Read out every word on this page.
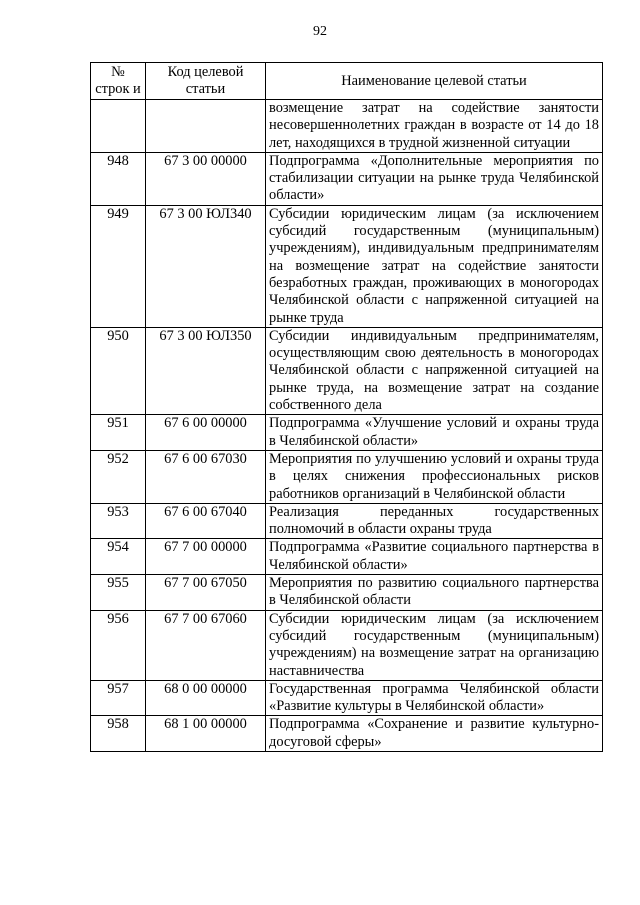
92
№ строк и	Код целевой статьи	Наименование целевой статьи
		возмещение затрат на содействие занятости несовершеннолетних граждан в возрасте от 14 до 18 лет, находящихся в трудной жизненной ситуации
948	67 3 00 00000	Подпрограмма «Дополнительные мероприятия по стабилизации ситуации на рынке труда Челябинской области»
949	67 3 00 ЮЛ340	Субсидии юридическим лицам (за исключением субсидий государственным (муниципальным) учреждениям), индивидуальным предпринимателям на возмещение затрат на содействие занятости безработных граждан, проживающих в моногородах Челябинской области с напряженной ситуацией на рынке труда
950	67 3 00 ЮЛ350	Субсидии индивидуальным предпринимателям, осуществляющим свою деятельность в моногородах Челябинской области с напряженной ситуацией на рынке труда, на возмещение затрат на создание собственного дела
951	67 6 00 00000	Подпрограмма «Улучшение условий и охраны труда в Челябинской области»
952	67 6 00 67030	Мероприятия по улучшению условий и охраны труда в целях снижения профессиональных рисков работников организаций в Челябинской области
953	67 6 00 67040	Реализация переданных государственных полномочий в области охраны труда
954	67 7 00 00000	Подпрограмма «Развитие социального партнерства в Челябинской области»
955	67 7 00 67050	Мероприятия по развитию социального партнерства в Челябинской области
956	67 7 00 67060	Субсидии юридическим лицам (за исключением субсидий государственным (муниципальным) учреждениям) на возмещение затрат на организацию наставничества
957	68 0 00 00000	Государственная программа Челябинской области «Развитие культуры в Челябинской области»
958	68 1 00 00000	Подпрограмма «Сохранение и развитие культурно-досуговой сферы»
